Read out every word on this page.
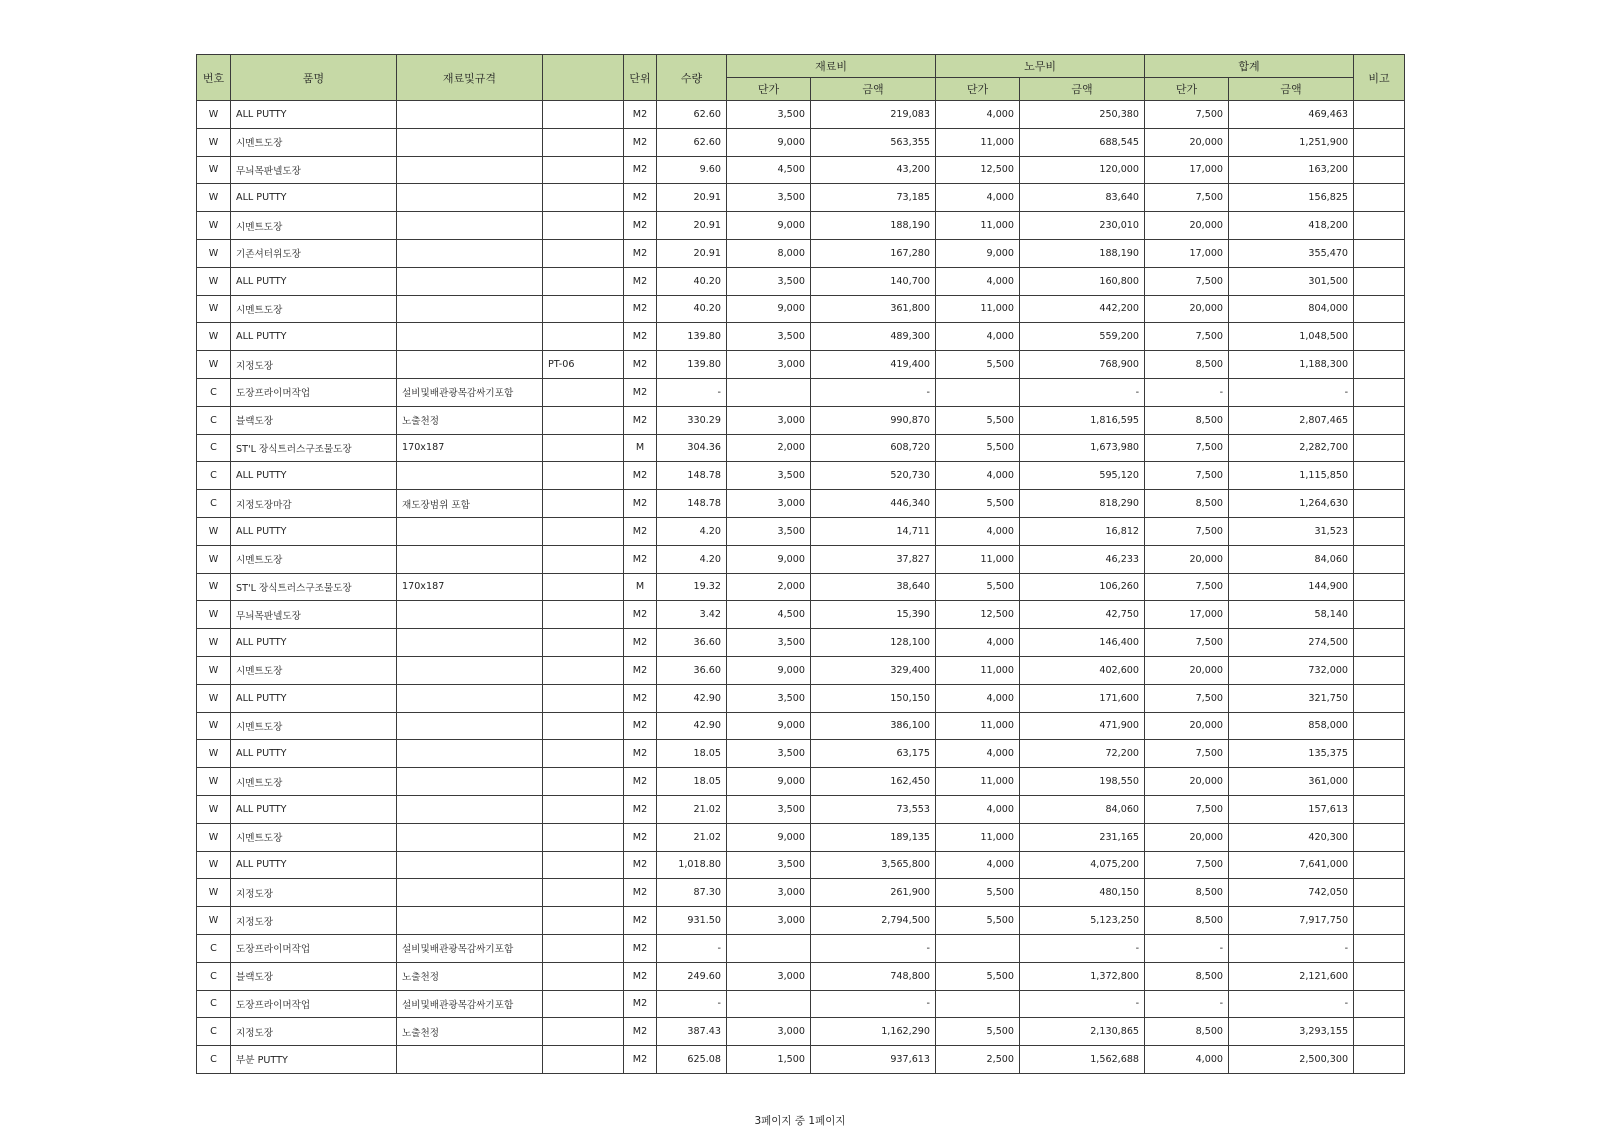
번호	품명	재료및규격		단위	수량	재료비		노무비		합계		비고
						단가	금액	단가	금액	단가	금액	
W	ALL PUTTY			M2	62.60	3,500	219,083	4,000	250,380	7,500	469,463	
W	시멘트도장			M2	62.60	9,000	563,355	11,000	688,545	20,000	1,251,900	
W	무늬목판넬도장			M2	9.60	4,500	43,200	12,500	120,000	17,000	163,200	
W	ALL PUTTY			M2	20.91	3,500	73,185	4,000	83,640	7,500	156,825	
W	시멘트도장			M2	20.91	9,000	188,190	11,000	230,010	20,000	418,200	
W	기존셔터위도장			M2	20.91	8,000	167,280	9,000	188,190	17,000	355,470	
W	ALL PUTTY			M2	40.20	3,500	140,700	4,000	160,800	7,500	301,500	
W	시멘트도장			M2	40.20	9,000	361,800	11,000	442,200	20,000	804,000	
W	ALL PUTTY			M2	139.80	3,500	489,300	4,000	559,200	7,500	1,048,500	
W	지정도장		PT-06	M2	139.80	3,000	419,400	5,500	768,900	8,500	1,188,300	
C	도장프라이머작업	설비및배관광목감싸기포함		M2	-		-		-	-	-	
C	블랙도장	노출천정		M2	330.29	3,000	990,870	5,500	1,816,595	8,500	2,807,465	
C	ST'L 장식트러스구조물도장	170x187		M	304.36	2,000	608,720	5,500	1,673,980	7,500	2,282,700	
C	ALL PUTTY			M2	148.78	3,500	520,730	4,000	595,120	7,500	1,115,850	
C	지정도장마감	재도장범위 포함		M2	148.78	3,000	446,340	5,500	818,290	8,500	1,264,630	
W	ALL PUTTY			M2	4.20	3,500	14,711	4,000	16,812	7,500	31,523	
W	시멘트도장			M2	4.20	9,000	37,827	11,000	46,233	20,000	84,060	
W	ST'L 장식트러스구조물도장	170x187		M	19.32	2,000	38,640	5,500	106,260	7,500	144,900	
W	무늬목판넬도장			M2	3.42	4,500	15,390	12,500	42,750	17,000	58,140	
W	ALL PUTTY			M2	36.60	3,500	128,100	4,000	146,400	7,500	274,500	
W	시멘트도장			M2	36.60	9,000	329,400	11,000	402,600	20,000	732,000	
W	ALL PUTTY			M2	42.90	3,500	150,150	4,000	171,600	7,500	321,750	
W	시멘트도장			M2	42.90	9,000	386,100	11,000	471,900	20,000	858,000	
W	ALL PUTTY			M2	18.05	3,500	63,175	4,000	72,200	7,500	135,375	
W	시멘트도장			M2	18.05	9,000	162,450	11,000	198,550	20,000	361,000	
W	ALL PUTTY			M2	21.02	3,500	73,553	4,000	84,060	7,500	157,613	
W	시멘트도장			M2	21.02	9,000	189,135	11,000	231,165	20,000	420,300	
W	ALL PUTTY			M2	1,018.80	3,500	3,565,800	4,000	4,075,200	7,500	7,641,000	
W	지정도장			M2	87.30	3,000	261,900	5,500	480,150	8,500	742,050	
W	지정도장			M2	931.50	3,000	2,794,500	5,500	5,123,250	8,500	7,917,750	
C	도장프라이머작업	설비및배관광목감싸기포함		M2	-		-		-	-	-	
C	블랙도장	노출천정		M2	249.60	3,000	748,800	5,500	1,372,800	8,500	2,121,600	
C	도장프라이머작업	설비및배관광목감싸기포함		M2	-		-		-	-	-	
C	지정도장	노출천정		M2	387.43	3,000	1,162,290	5,500	2,130,865	8,500	3,293,155	
C	부분 PUTTY			M2	625.08	1,500	937,613	2,500	1,562,688	4,000	2,500,300	
3페이지 중 1페이지
